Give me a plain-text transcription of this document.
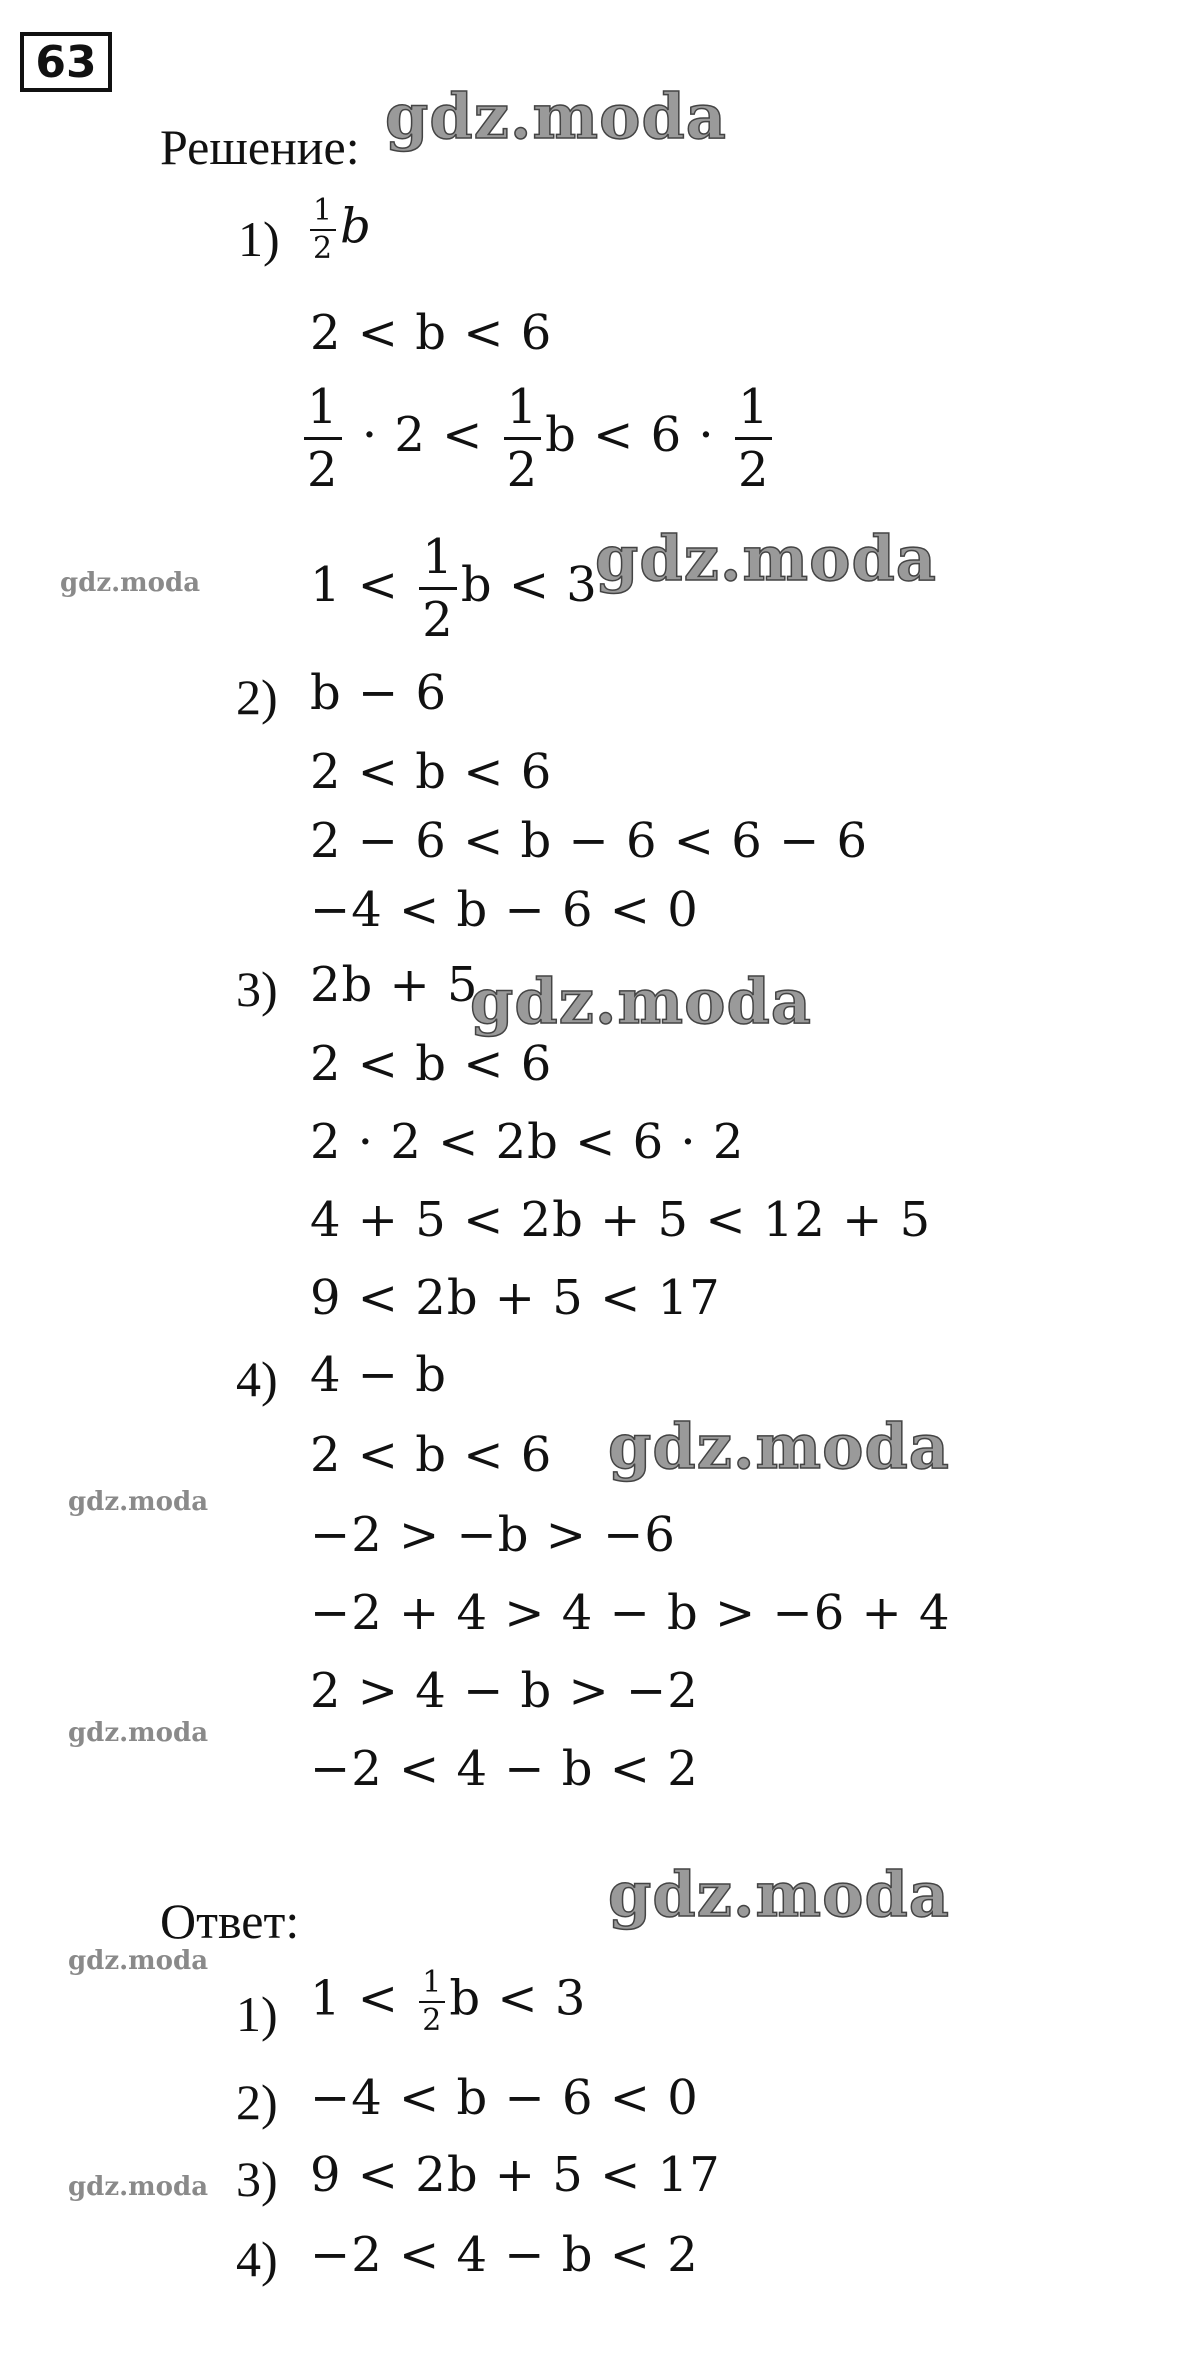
63
Решение:
$1) \frac{1}{2}$ b
2 < b < 6
$\frac{1}{2} \cdot 2 < \frac{1}{2}$ $b < 6 \cdot \frac{1}{2}$
$1 < \frac{1}{2}$ b < 3
2) b − 6
2 < b < 6
2 − 6 < b − 6 < 6 − 6
−4 < b − 6 < 0
3) 2b + 5
2 < b < 6
2 · 2 < 2b < 6 · 2
4 + 5 < 2b + 5 < 12 + 5
9 < 2b + 5 < 17
4) 4 − b
2 < b < 6
−2 > −b > −6
−2 + 4 > 4 − b > −6 + 4
2 > 4 − b > −2
−2 < 4 − b < 2
Ответ:
1) $1 < \frac{1}{2}$ b < 3
2) −4 < b − 6 < 0
3) 9 < 2b + 5 < 17
4) −2 < 4 − b < 2
gdz.moda
gdz.moda
gdz.moda
gdz.moda
gdz.moda
gdz.moda
gdz.moda
gdz.moda
gdz.moda
gdz.moda
